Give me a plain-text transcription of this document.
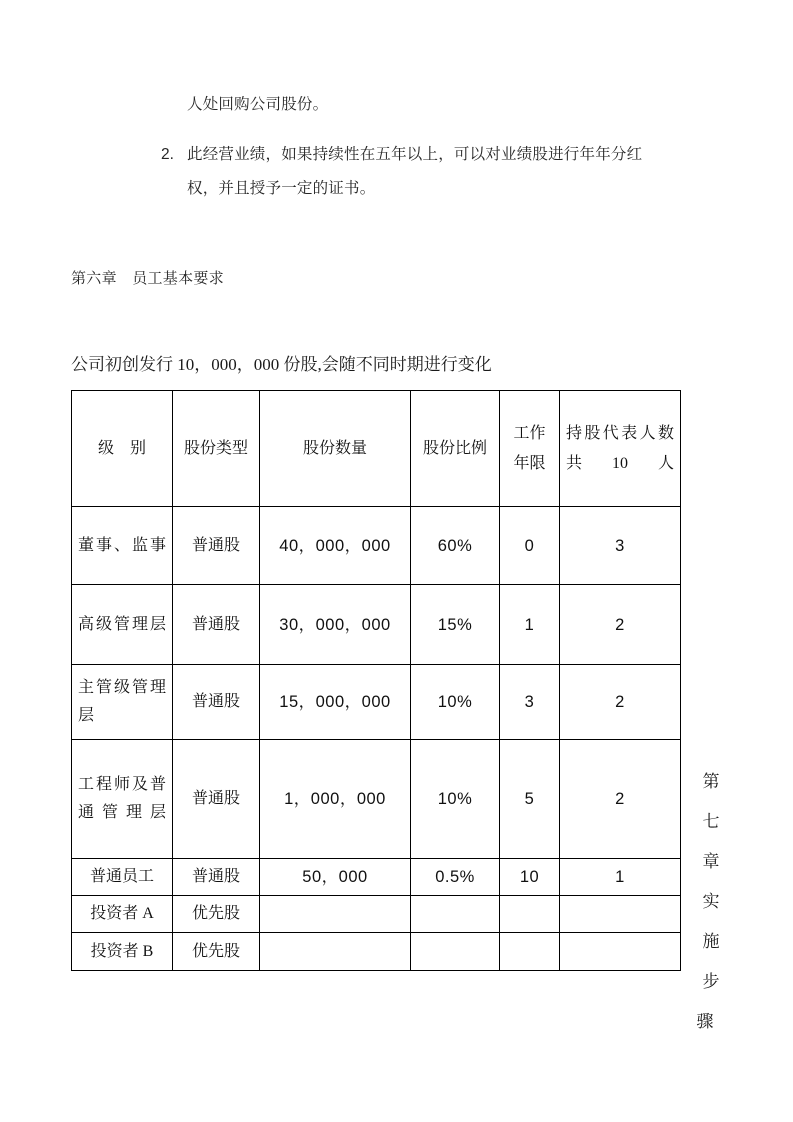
人处回购公司股份。
2. 此经营业绩，如果持续性在五年以上，可以对业绩股进行年年分红
权，并且授予一定的证书。
第六章　员工基本要求
公司初创发行 10，000，000 份股,会随不同时期进行变化
级　别	股份类型	股份数量	股份比例	工作年限	持股代表人数 共10人

董事、监事	普通股	40，000，000	60%	0	3

高级管理层	普通股	30，000，000	15%	1	2

主管级管理层	普通股	15，000，000	10%	3	2

工程师及普通管理层	普通股	1，000，000	10%	5	2

普通员工	普通股	50，000	0.5%	10	1

投资者 A	优先股				

投资者 B	优先股				

第
七
章
实
施
步
骤
